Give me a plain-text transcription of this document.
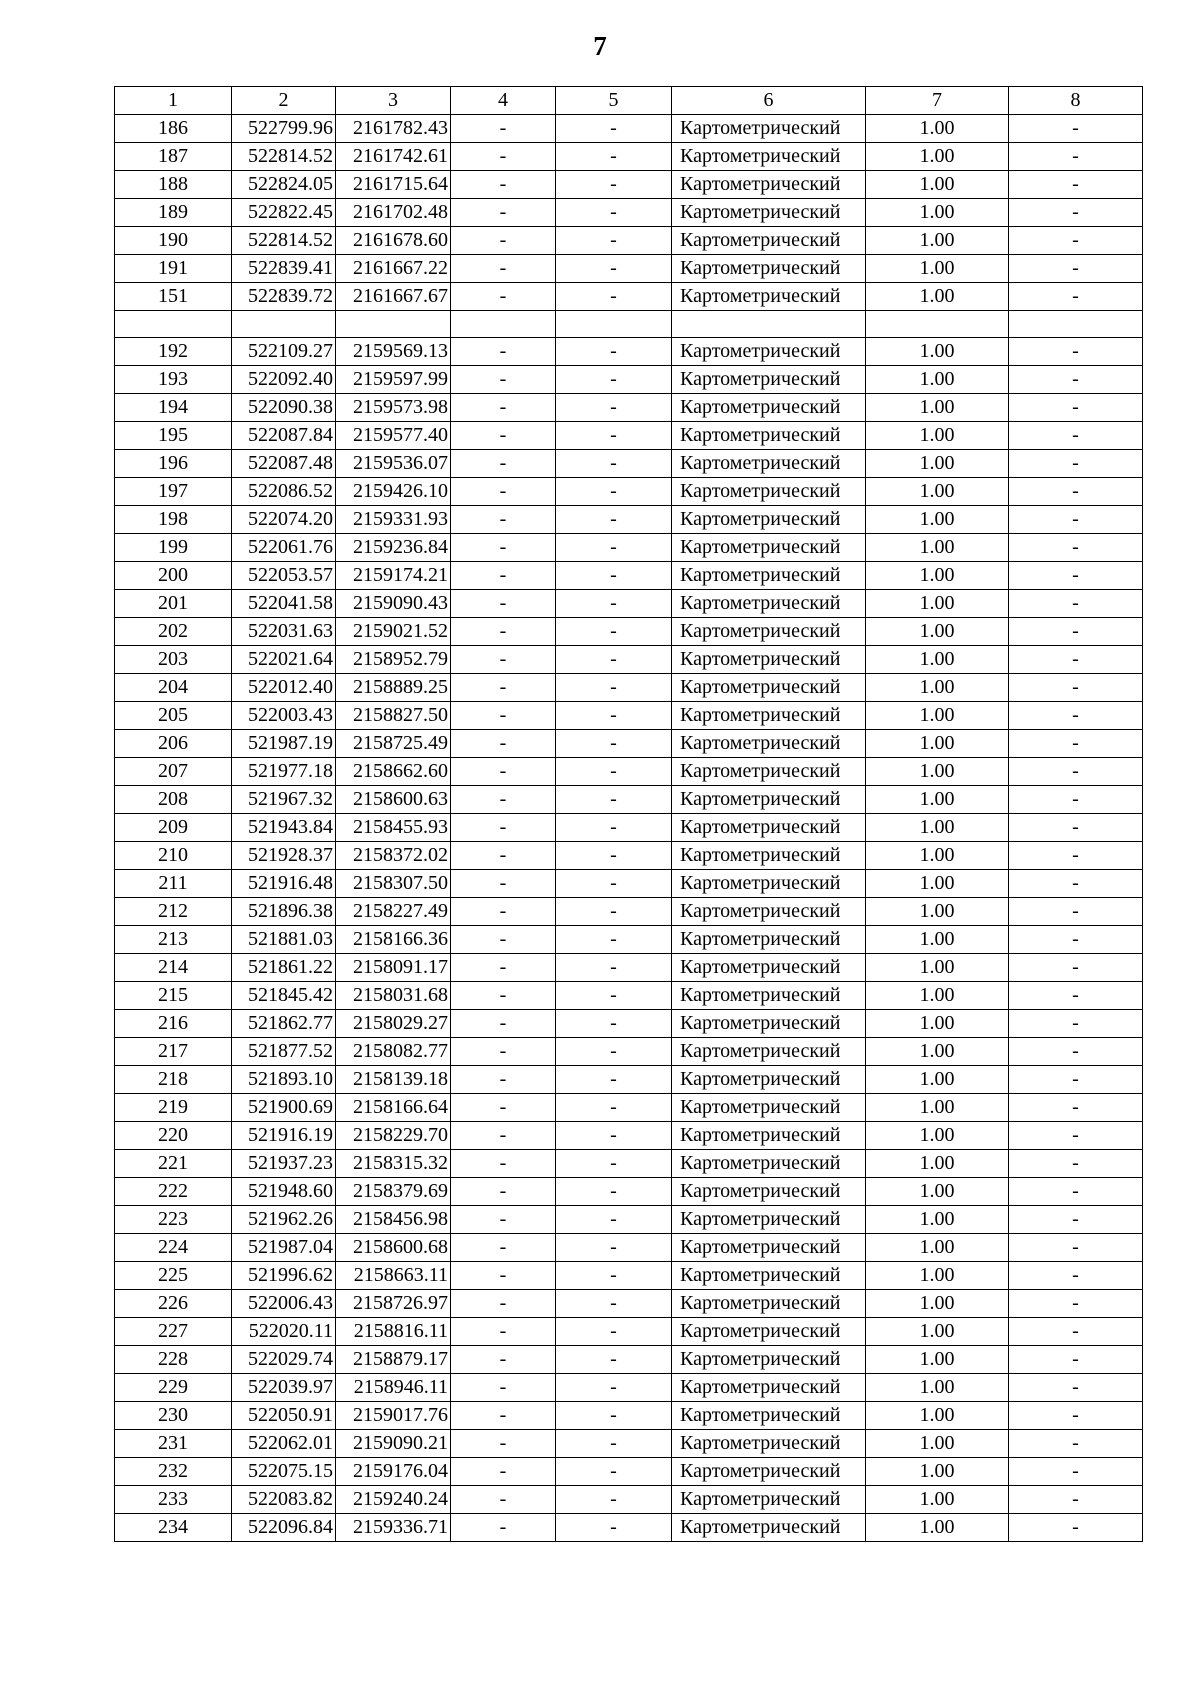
7
1	2	3	4	5	6	7	8
186	522799.96	2161782.43	-	-	Картометрический	1.00	-
187	522814.52	2161742.61	-	-	Картометрический	1.00	-
188	522824.05	2161715.64	-	-	Картометрический	1.00	-
189	522822.45	2161702.48	-	-	Картометрический	1.00	-
190	522814.52	2161678.60	-	-	Картометрический	1.00	-
191	522839.41	2161667.22	-	-	Картометрический	1.00	-
151	522839.72	2161667.67	-	-	Картометрический	1.00	-

192	522109.27	2159569.13	-	-	Картометрический	1.00	-
193	522092.40	2159597.99	-	-	Картометрический	1.00	-
194	522090.38	2159573.98	-	-	Картометрический	1.00	-
195	522087.84	2159577.40	-	-	Картометрический	1.00	-
196	522087.48	2159536.07	-	-	Картометрический	1.00	-
197	522086.52	2159426.10	-	-	Картометрический	1.00	-
198	522074.20	2159331.93	-	-	Картометрический	1.00	-
199	522061.76	2159236.84	-	-	Картометрический	1.00	-
200	522053.57	2159174.21	-	-	Картометрический	1.00	-
201	522041.58	2159090.43	-	-	Картометрический	1.00	-
202	522031.63	2159021.52	-	-	Картометрический	1.00	-
203	522021.64	2158952.79	-	-	Картометрический	1.00	-
204	522012.40	2158889.25	-	-	Картометрический	1.00	-
205	522003.43	2158827.50	-	-	Картометрический	1.00	-
206	521987.19	2158725.49	-	-	Картометрический	1.00	-
207	521977.18	2158662.60	-	-	Картометрический	1.00	-
208	521967.32	2158600.63	-	-	Картометрический	1.00	-
209	521943.84	2158455.93	-	-	Картометрический	1.00	-
210	521928.37	2158372.02	-	-	Картометрический	1.00	-
211	521916.48	2158307.50	-	-	Картометрический	1.00	-
212	521896.38	2158227.49	-	-	Картометрический	1.00	-
213	521881.03	2158166.36	-	-	Картометрический	1.00	-
214	521861.22	2158091.17	-	-	Картометрический	1.00	-
215	521845.42	2158031.68	-	-	Картометрический	1.00	-
216	521862.77	2158029.27	-	-	Картометрический	1.00	-
217	521877.52	2158082.77	-	-	Картометрический	1.00	-
218	521893.10	2158139.18	-	-	Картометрический	1.00	-
219	521900.69	2158166.64	-	-	Картометрический	1.00	-
220	521916.19	2158229.70	-	-	Картометрический	1.00	-
221	521937.23	2158315.32	-	-	Картометрический	1.00	-
222	521948.60	2158379.69	-	-	Картометрический	1.00	-
223	521962.26	2158456.98	-	-	Картометрический	1.00	-
224	521987.04	2158600.68	-	-	Картометрический	1.00	-
225	521996.62	2158663.11	-	-	Картометрический	1.00	-
226	522006.43	2158726.97	-	-	Картометрический	1.00	-
227	522020.11	2158816.11	-	-	Картометрический	1.00	-
228	522029.74	2158879.17	-	-	Картометрический	1.00	-
229	522039.97	2158946.11	-	-	Картометрический	1.00	-
230	522050.91	2159017.76	-	-	Картометрический	1.00	-
231	522062.01	2159090.21	-	-	Картометрический	1.00	-
232	522075.15	2159176.04	-	-	Картометрический	1.00	-
233	522083.82	2159240.24	-	-	Картометрический	1.00	-
234	522096.84	2159336.71	-	-	Картометрический	1.00	-
